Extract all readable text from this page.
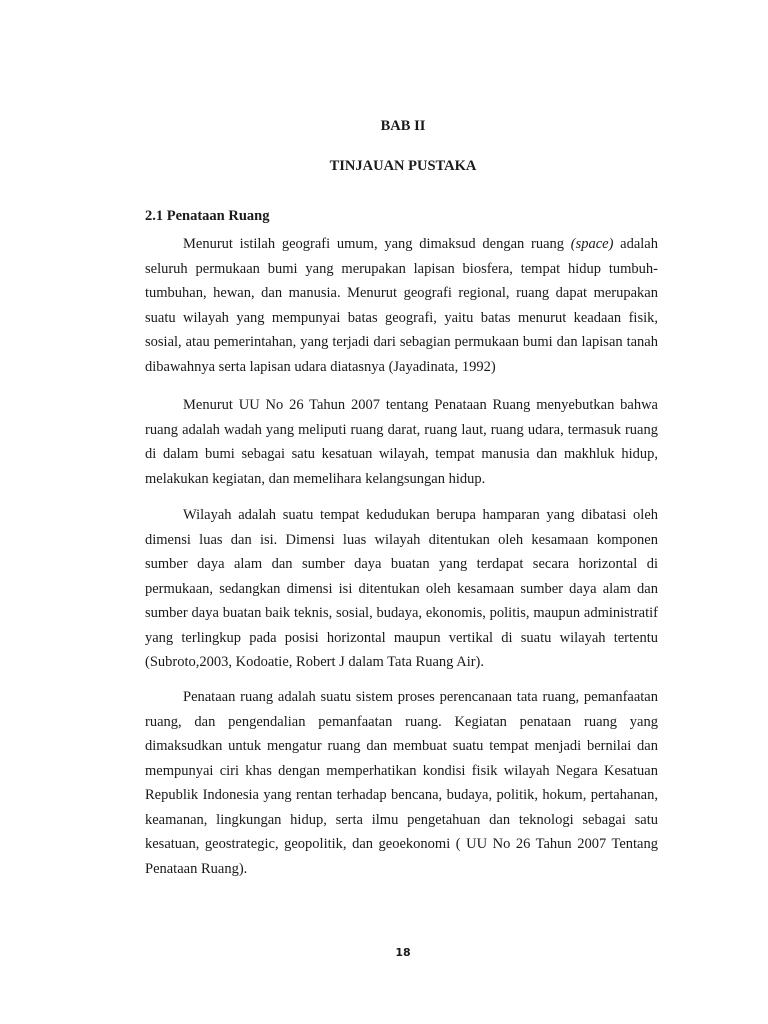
BAB II
TINJAUAN PUSTAKA
2.1 Penataan Ruang

Menurut istilah geografi umum, yang dimaksud dengan ruang (space) adalah seluruh permukaan bumi yang merupakan lapisan biosfera, tempat hidup tumbuh-tumbuhan, hewan, dan manusia. Menurut geografi regional, ruang dapat merupakan suatu wilayah yang mempunyai batas geografi, yaitu batas menurut keadaan fisik, sosial, atau pemerintahan, yang terjadi dari sebagian permukaan bumi dan lapisan tanah dibawahnya serta lapisan udara diatasnya (Jayadinata, 1992)

Menurut UU No 26 Tahun 2007 tentang Penataan Ruang menyebutkan bahwa ruang adalah wadah yang meliputi ruang darat, ruang laut, ruang udara, termasuk ruang di dalam bumi sebagai satu kesatuan wilayah, tempat manusia dan makhluk hidup, melakukan kegiatan, dan memelihara kelangsungan hidup.

Wilayah adalah suatu tempat kedudukan berupa hamparan yang dibatasi oleh dimensi luas dan isi. Dimensi luas wilayah ditentukan oleh kesamaan komponen sumber daya alam dan sumber daya buatan yang terdapat secara horizontal di permukaan, sedangkan dimensi isi ditentukan oleh kesamaan sumber daya alam dan sumber daya buatan baik teknis, sosial, budaya, ekonomis, politis, maupun administratif yang terlingkup pada posisi horizontal maupun vertikal di suatu wilayah tertentu (Subroto,2003, Kodoatie, Robert J dalam Tata Ruang Air).

Penataan ruang adalah suatu sistem proses perencanaan tata ruang, pemanfaatan ruang, dan pengendalian pemanfaatan ruang. Kegiatan penataan ruang yang dimaksudkan untuk mengatur ruang dan membuat suatu tempat menjadi bernilai dan mempunyai ciri khas dengan memperhatikan kondisi fisik wilayah Negara Kesatuan Republik Indonesia yang rentan terhadap bencana, budaya, politik, hokum, pertahanan, keamanan, lingkungan hidup, serta ilmu pengetahuan dan teknologi sebagai satu kesatuan, geostrategic, geopolitik, dan geoekonomi ( UU No 26 Tahun 2007 Tentang Penataan Ruang).

18
